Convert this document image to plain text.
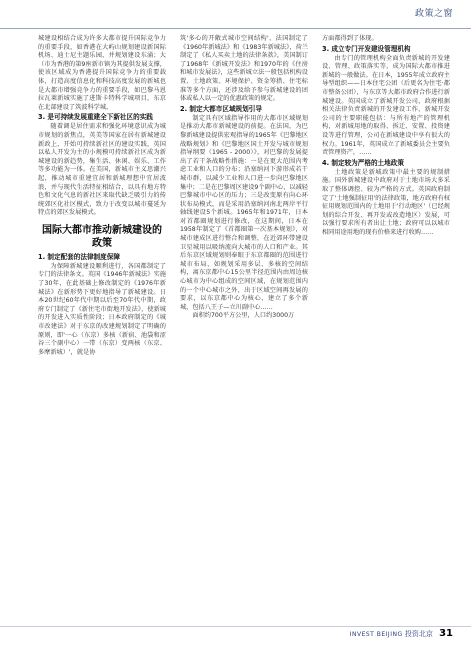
政策之窗

城建设相结合成为许多大都市提升国际竞争力的重要手段，如香港在大屿山规划建设新国际机场、迪士尼主题乐园，并规划建设东涌；大（市为香港的第9座新市镇为其提供发展支撑，使该区域成为香港提升国际竞争力的重要载体，打造高度信息化和科技高度发展的新城也是大都市增强竞争力的重要手段，如巴黎马恩拉瓦莱新城实施了进斯卡特科学城项目，东京在北部建设了筑波科学城。

3. 是可持续发展重建全下新社区的实践

随着调是居住需求和强化环境意识成为城市规划的新焦点，英美等国家在居有新城建设新政上，开始可持续新社区的建设实践，英国以私人开发为主的小规模可持续新社区成为新城建设的新趋势，集生活、休闲、娱乐、工作等多功能为一体。在美国，新城市主义思潮兴起，推动城市重建宜居和新城理想中宜居波浪，并与现代生活特征相结合，以具有地方特色和文化气息的新社区来取代缺乏吸引力的传统郊区化社区模式，致力于改变以城市蔓延为特点的郊区发展模式。

国际大都市推动新城建设的政策
1. 制定配套的法律制度保障

为保障新城建设顺利进行，各国都制定了专门的法律条文。英国《1946年新城法》实施了30年，在此基础上修改制定的《1976年新城法》在新形势下更好地指导了新城建设。日本20世纪60年代中期以后至70年代中期，政府专门制定了《新住宅市街地开发法》，使新城的开发进入实质性阶段；日本政府制定的《城市改建法》对于东京的改建规划制定了明确的原则，即'一心（东京）多核（新宿、池袋和涩谷三个副中心）一带（东京）变两核（东京、多摩新城）'，就是协

筑'多心的开敞式城市空间结构'，法国制定了《1960年新城法》和《1983年新城法》，荷兰制定了《私人买卖土地的法律条款》，美国制订了1968年《新城开发法》和1970年的《住房和城市发展法》，这些新城立法一般包括机构设置、土地政策、环境保护、资金筹措、住宅标准等多个方面，还涉及给予参与新城建设的团体或私人以一定的优惠政策的规定。

2. 制定大都市区域规划引导

制定具有区域指导作用的大都市区域规划是推动大都市新城建设的前提。在法国，为巴黎新城建设提供宏观指导的1965年《巴黎地区战略规划》和《巴黎地区国土开发与城市规划指导纲要（1965 - 2000）》，对巴黎的发展提出了若干条战略性措施：一是在更大范围内考虑工业和人口的分布；沿塞纳河下游形成若干城市群，以减少工业和人口进一步向巴黎地区集中；二是在巴黎周区建设9个副中心，以减轻巴黎城市中心区的压力；三是改变原有向心环状布局模式，而是采用沿塞纳河南北两岸平行轴线建设5个新城。1965年和1971年，日本对首都圈规划进行修改，在这期间，日本在1958年制定了《首都圈第一次基本规划》，对城市建成区进行整合和调整，在近郊环带建设卫星城用以吸纳流向大城市的人口和产业。其后东京区域规划则奉眼于东京都圈的范围进行城市布局，如规划采用多层、多核的空间结构，离东京都中心15公里半径范围内由周边核心城市为中心组成的空间区域，在规划范围内的一个中心城市之外，出于区域空间再发展的要求，以东京都中心为核心，建立了多个新城，包括八王子—立川副中心……

面积约700平方公里，人口约3000万

方面都得到了体现。

3. 成立专门开发建设管理机构

由专门的管理机构全面负责新城的开发建设、管理、政策落实等，成为国际大都市推进新城的一般做法。在日本，1955年成立政府主导型组织——日本住宅公团（后更名为住宅·都市整备公团），与东京等大都市政府合作进行新城建设。英国成立了新城开发公司，政府根据相关法律负责新城的开发建设工作，新城开发公司的主要职能包括：与所有地产的管理机构，对新城用地的取得、拆迁、安置、投资建设等进行管理，公司在新城建设中享有很大的权力。1961年，英国成立了新城委员会主要负责管理资产，……

4. 制定较为严格的土地政策

土地政策是新城政策中最主要的规制措施。国外新城建设中政府对于土地市场大多采取了整体调控、较为严格的方式。英国政府制定了'土地强制征用'的法律政策，地方政府有权征用规划范围内的土地用于'行动地区'（已经规划的综合开发、再开发或改造地区）发展，可以强行要求所有者出让土地；政府可以以城市相同用途用地的现有价格来进行收购……

INVEST BEIJING 投资北京 31
